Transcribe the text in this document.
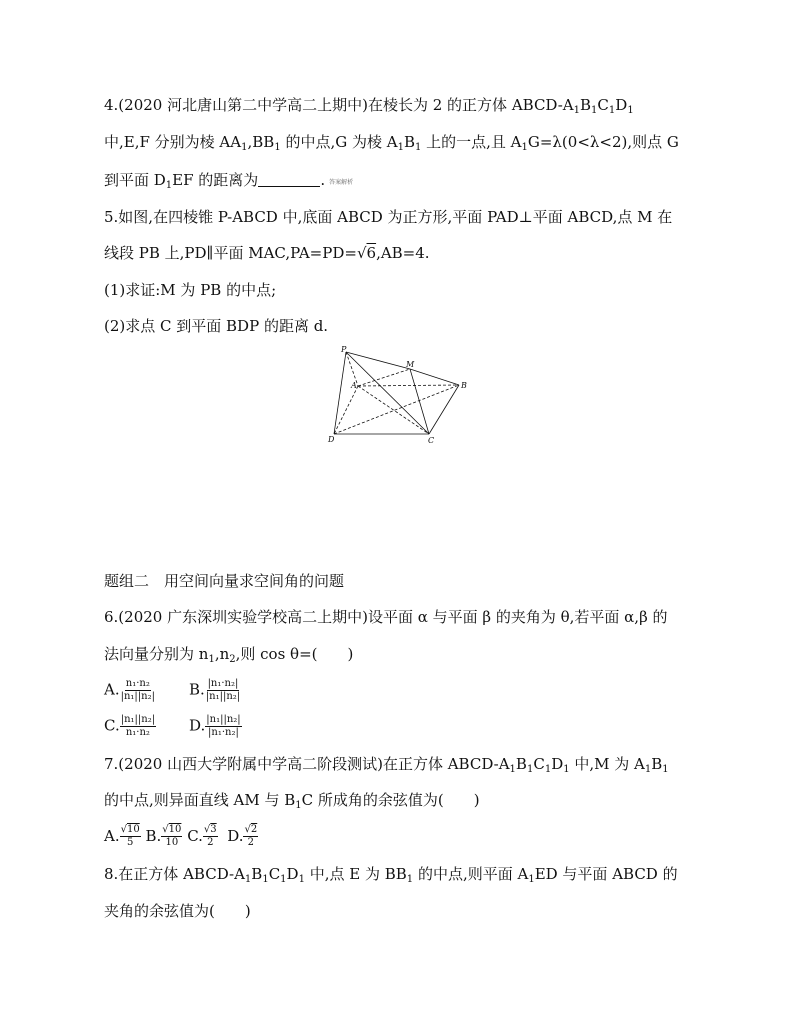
4.(2020 河北唐山第二中学高二上期中)在棱长为 2 的正方体 ABCD-$A_1B_1C_1D_1$
中,E,F 分别为棱 $AA_1,BB_1$ 的中点,G 为棱 $A_1B_1$ 上的一点,且 $A_1G=\lambda(0<\lambda<2)$,则点 G
到平面 $D_1EF$ 的距离为	. 答案解析
5.如图,在四棱锥 P-ABCD 中,底面 ABCD 为正方形,平面 PAD⊥平面 ABCD,点 M 在
线段 PB 上,PD∥平面 MAC,PA=PD=√6,AB=4.
(1)求证:M 为 PB 的中点;
(2)求点 C 到平面 BDP 的距离 d.
P
M
A	B
D	C
题组二　用空间向量求空间角的问题
6.(2020 广东深圳实验学校高二上期中)设平面 α 与平面 β 的夹角为 θ,若平面 α,β 的
法向量分别为 $n_1,n_2$,则 cos θ=(　　)
A. $\frac{\text{n₁·n₂}}{\text{|n₁||n₂|}} B$. $\frac{\text{|n₁·n₂|}}{\text{|n₁||n₂|}}$
C. $\frac{\text{|n₁||n₂|}}{\text{n₁·n₂}} D$. $\frac{\text{|n₁||n₂|}}{\text{|n₁·n₂|}}$
7.(2020 山西大学附属中学高二阶段测试)在正方体 ABCD-$A_1B_1C_1D_1$ 中,M 为 $A_1B_1$
的中点,则异面直线 AM 与 $B_1C$ 所成角的余弦值为(　　)
A. $\frac{√10}{5} B$. $\frac{√10}{10} C$. $\frac{√3}{2} D$. $\frac{√2}{2}$
8.在正方体 ABCD-$A_1B_1C_1D_1$ 中,点 E 为 $BB_1$ 的中点,则平面 $A_1ED$ 与平面 ABCD 的
夹角的余弦值为(　　)
